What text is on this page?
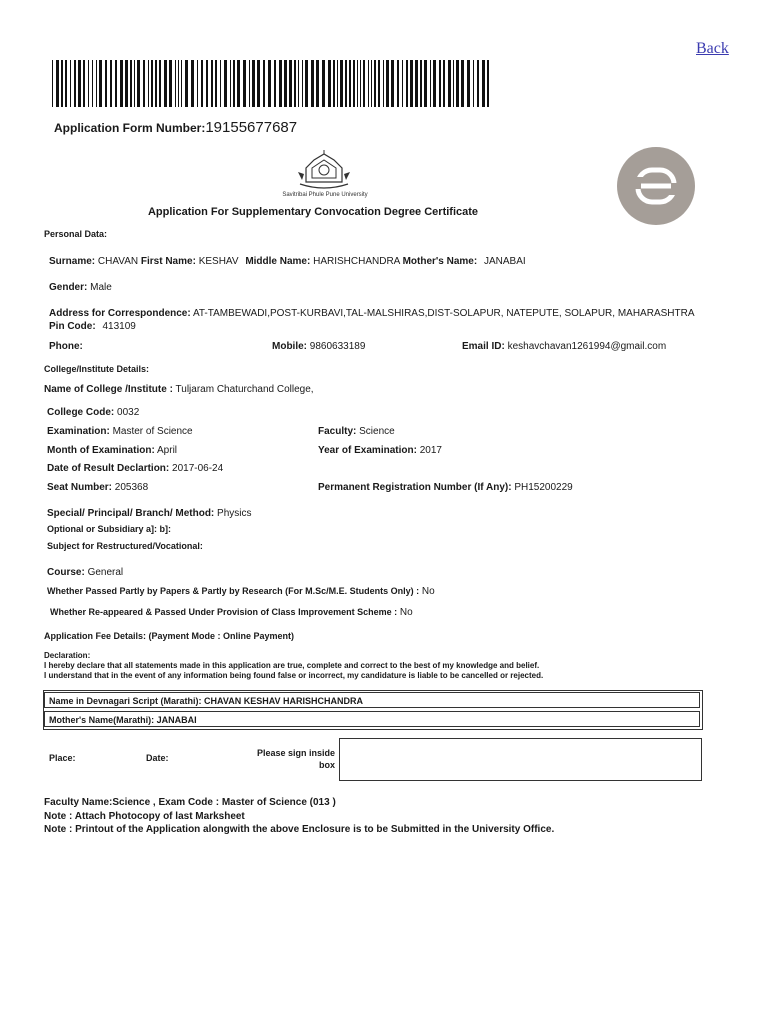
Back
Application Form Number:19155677687
Savitribai Phule Pune University
Application For Supplementary Convocation Degree Certificate
Personal Data:
Surname: CHAVAN First Name: KESHAV Middle Name: HARISHCHANDRA Mother's Name: JANABAI
Gender: Male
Address for Correspondence: AT-TAMBEWADI,POST-KURBAVI,TAL-MALSHIRAS,DIST-SOLAPUR, NATEPUTE, SOLAPUR, MAHARASHTRA
Pin Code: 413109
Phone:	Mobile: 9860633189	Email ID: keshavchavan1261994@gmail.com
College/Institute Details:
Name of College /Institute : Tuljaram Chaturchand College,
College Code: 0032
Examination: Master of Science	Faculty: Science
Month of Examination: April	Year of Examination: 2017
Date of Result Declartion: 2017-06-24
Seat Number: 205368	Permanent Registration Number (If Any): PH15200229
Special/ Principal/ Branch/ Method: Physics
Optional or Subsidiary a]: b]:
Subject for Restructured/Vocational:
Course: General
Whether Passed Partly by Papers & Partly by Research (For M.Sc/M.E. Students Only) : No
Whether Re-appeared & Passed Under Provision of Class Improvement Scheme : No
Application Fee Details: (Payment Mode : Online Payment)
Declaration:
I hereby declare that all statements made in this application are true, complete and correct to the best of my knowledge and belief.
I understand that in the event of any information being found false or incorrect, my candidature is liable to be cancelled or rejected.
Name in Devnagari Script (Marathi): CHAVAN KESHAV HARISHCHANDRA
Mother's Name(Marathi): JANABAI
Place:	Date:	Please sign inside
box
Faculty Name:Science , Exam Code : Master of Science (013 )
Note : Attach Photocopy of last Marksheet
Note : Printout of the Application alongwith the above Enclosure is to be Submitted in the University Office.
